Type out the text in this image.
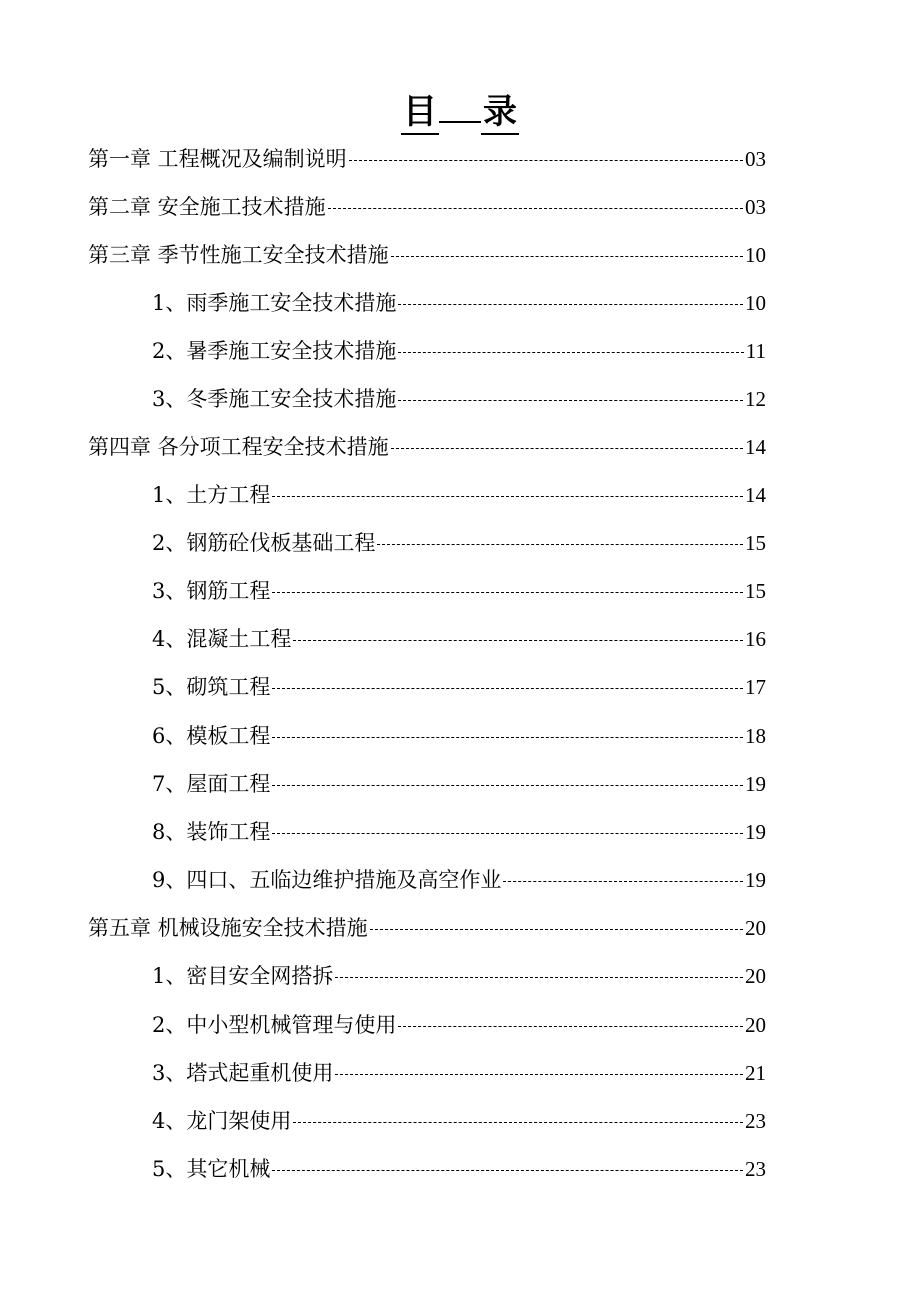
目 录
第一章 工程概况及编制说明	03
第二章 安全施工技术措施	03
第三章 季节性施工安全技术措施	10
1、雨季施工安全技术措施	10
2、暑季施工安全技术措施	11
3、冬季施工安全技术措施	12
第四章 各分项工程安全技术措施	14
1、土方工程	14
2、钢筋砼伐板基础工程	15
3、钢筋工程	15
4、混凝土工程	16
5、砌筑工程	17
6、模板工程	18
7、屋面工程	19
8、装饰工程	19
9、四口、五临边维护措施及高空作业	19
第五章 机械设施安全技术措施	20
1、密目安全网搭拆	20
2、中小型机械管理与使用	20
3、塔式起重机使用	21
4、龙门架使用	23
5、其它机械	23
